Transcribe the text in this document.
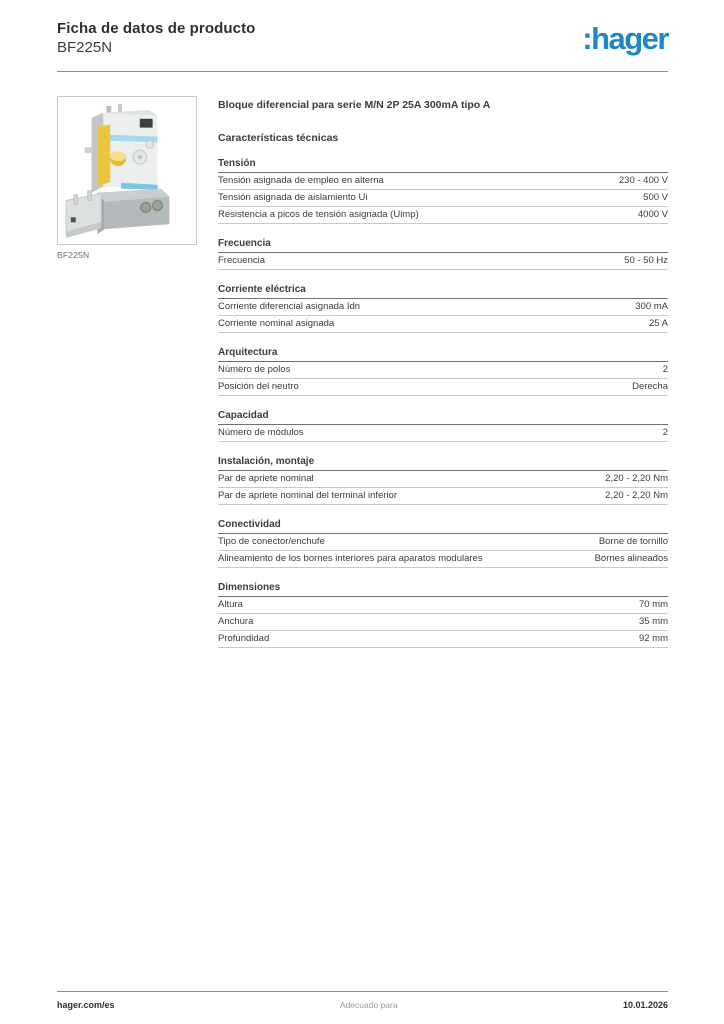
Ficha de datos de producto
BF225N	:hager
BF225N
Bloque diferencial para serie M/N 2P 25A 300mA tipo A
Características técnicas
Tensión
Tensión asignada de empleo en alterna	230 - 400 V
Tensión asignada de aislamiento Ui	500 V
Resistencia a picos de tensión asignada (Uimp)	4000 V
Frecuencia
Frecuencia	50 - 50 Hz
Corriente eléctrica
Corriente diferencial asignada Idn	300 mA
Corriente nominal asignada	25 A
Arquitectura
Número de polos	2
Posición del neutro	Derecha
Capacidad
Número de módulos	2
Instalación, montaje
Par de apriete nominal	2,20 - 2,20 Nm
Par de apriete nominal del terminal inferior	2,20 - 2,20 Nm
Conectividad
Tipo de conector/enchufe	Borne de tornillo
Alineamiento de los bornes interiores para aparatos modulares	Bornes alineados
Dimensiones
Altura	70 mm
Anchura	35 mm
Profundidad	92 mm
hager.com/es	Adecuado para	10.01.2026
